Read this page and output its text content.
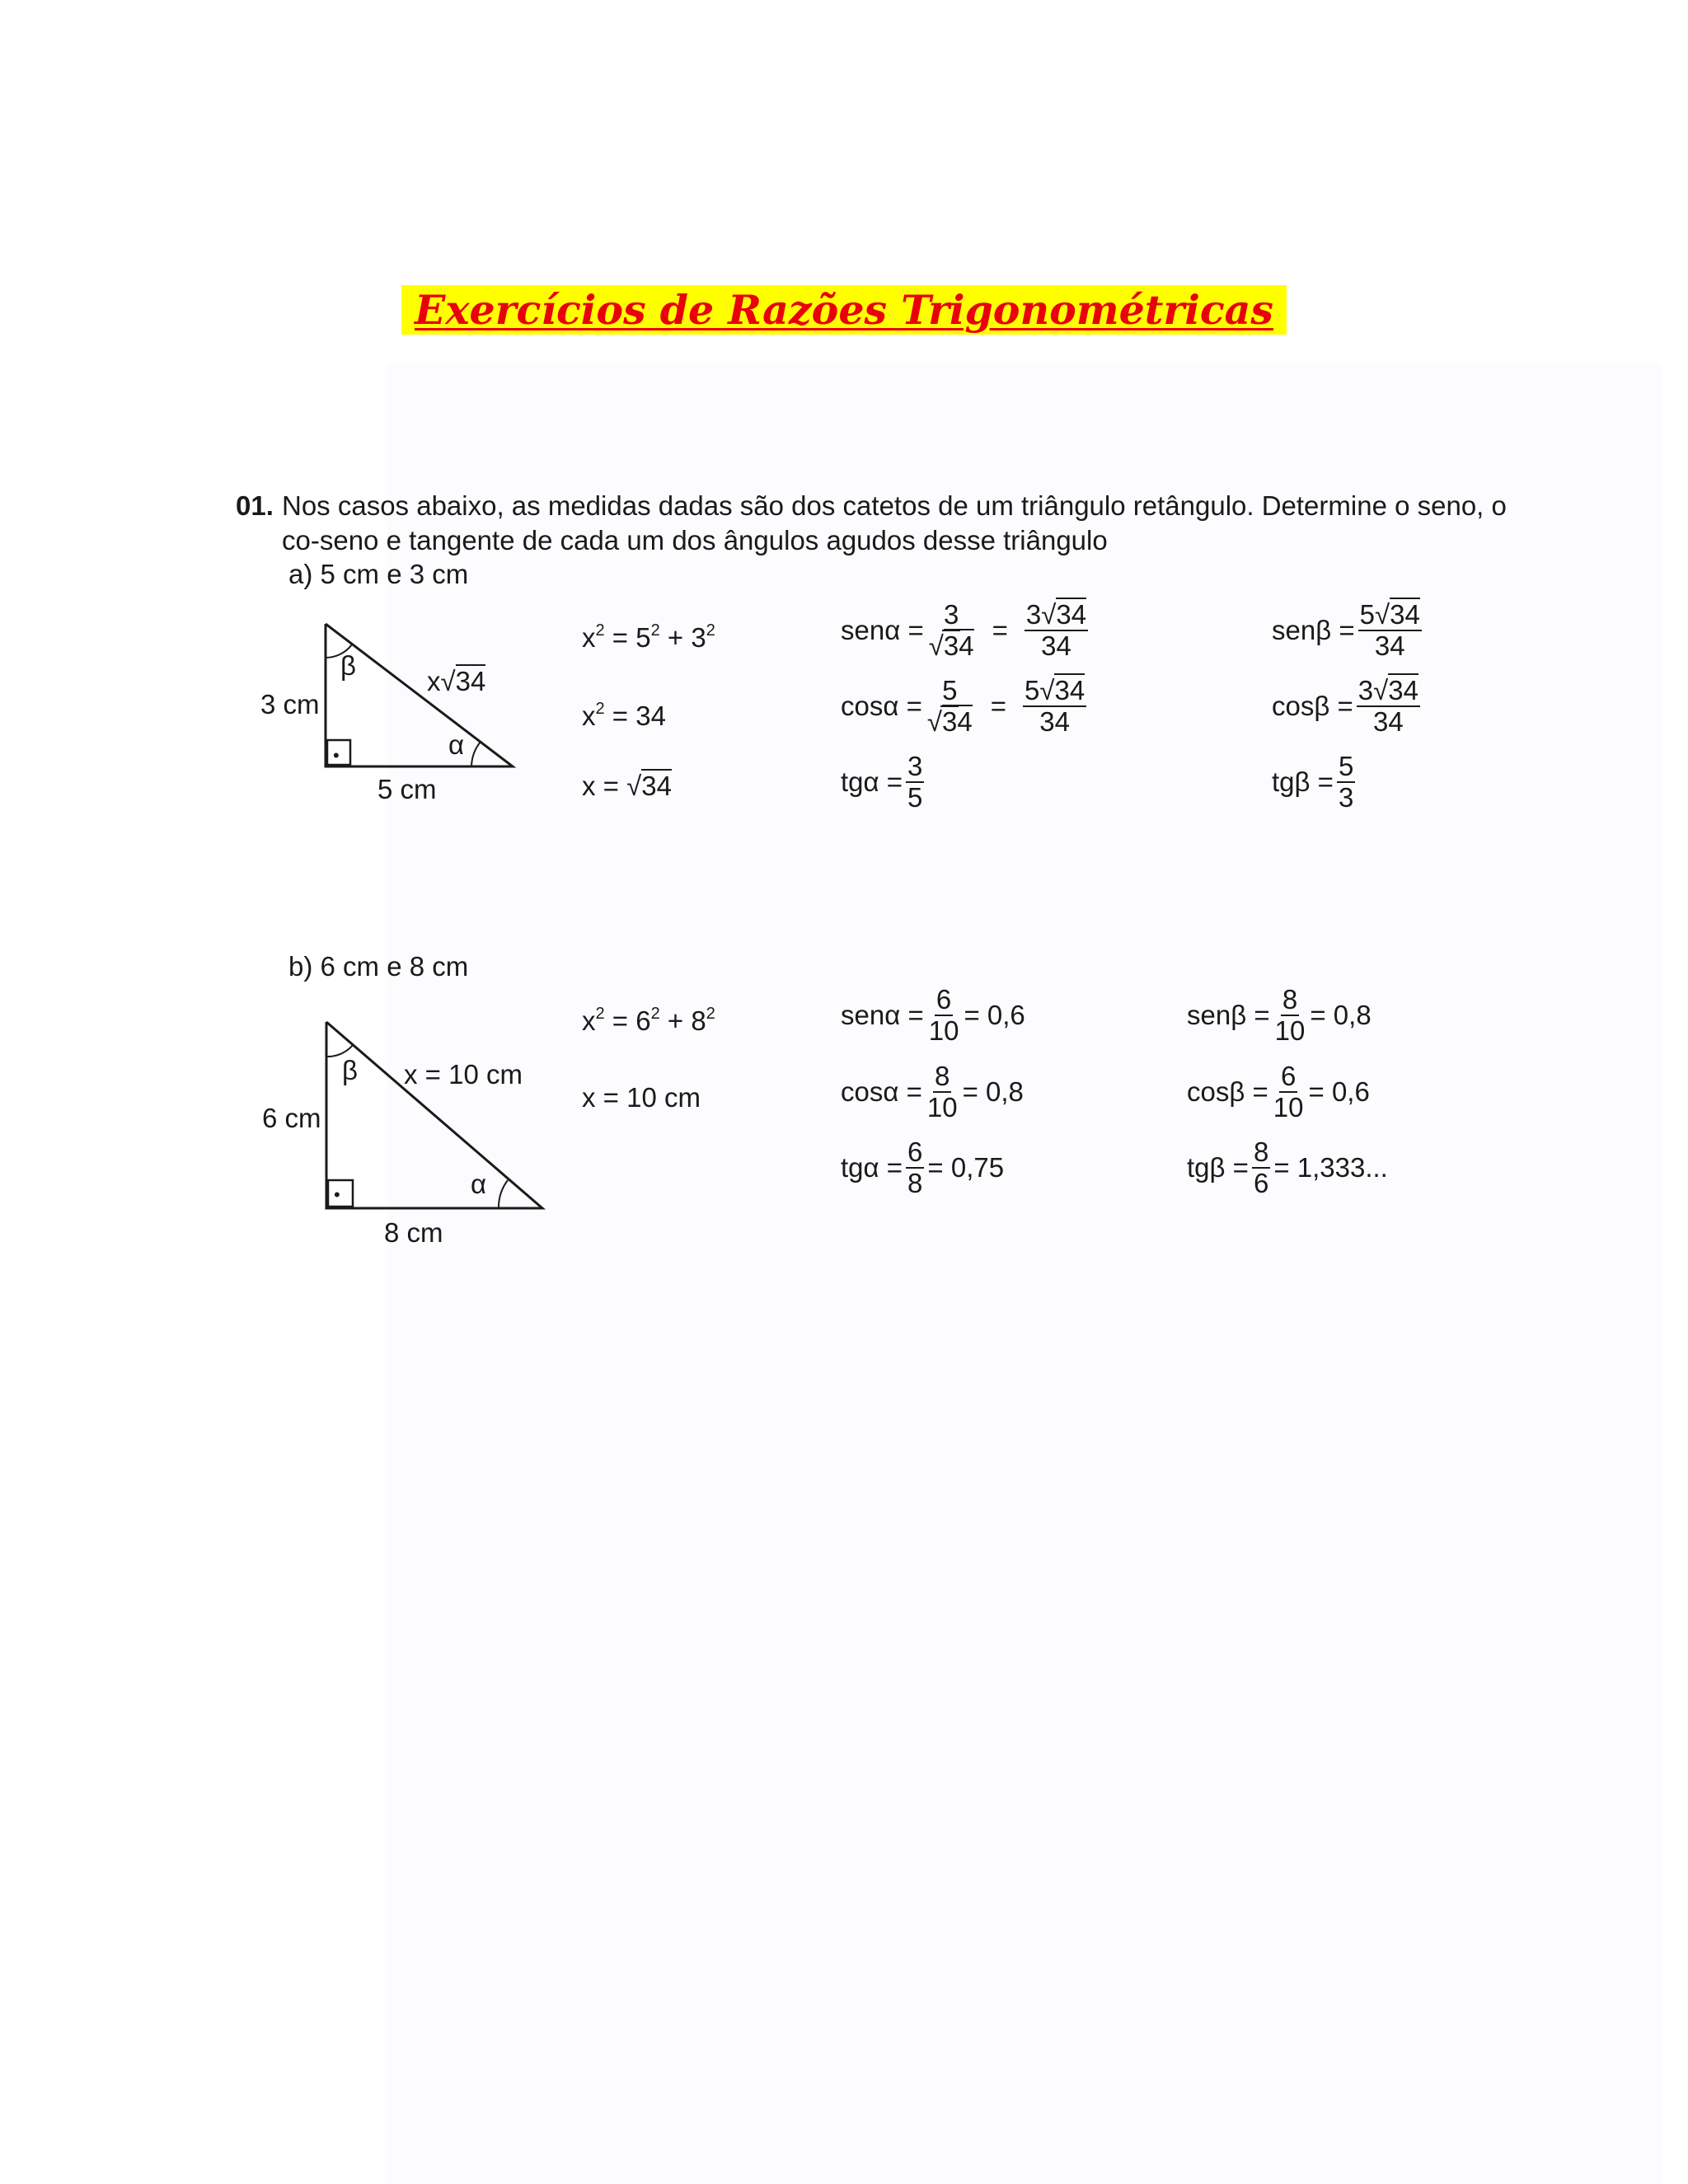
Exercícios de Razões Trigonométricas
01. Nos casos abaixo, as medidas dadas são dos catetos de um triângulo retângulo. Determine o seno, o
co-seno e tangente de cada um dos ângulos agudos desse triângulo
a) 5 cm e 3 cm
•
β
α
3 cm
5 cm
x√34
$x^2 = 5^2 + 3^2$
$x^2 = 34$
x = √34
$sen\alpha = \frac{3}{√34} = \frac{3√34}{34}$
$\cos\alpha = \frac{5}{√34} = \frac{5√34}{34}$
$tg\alpha = \frac{3}{5}$
$sen\beta = \frac{5√34}{34}$
$\cos\beta = \frac{3√34}{34}$
$tg\beta = \frac{5}{3}$
b) 6 cm e 8 cm
•
β
α
6 cm
8 cm
x = 10 cm
$x^2 = 6^2 + 8^2$
x = 10 cm
$sen\alpha = \frac{6}{10} = 0,6$
$\cos\alpha = \frac{8}{10} = 0,8$
$tg\alpha = \frac{6}{8} = 0,75$
$sen\beta = \frac{8}{10} = 0,8$
$\cos\beta = \frac{6}{10} = 0,6$
$tg\beta = \frac{8}{6} = 1,333$...
